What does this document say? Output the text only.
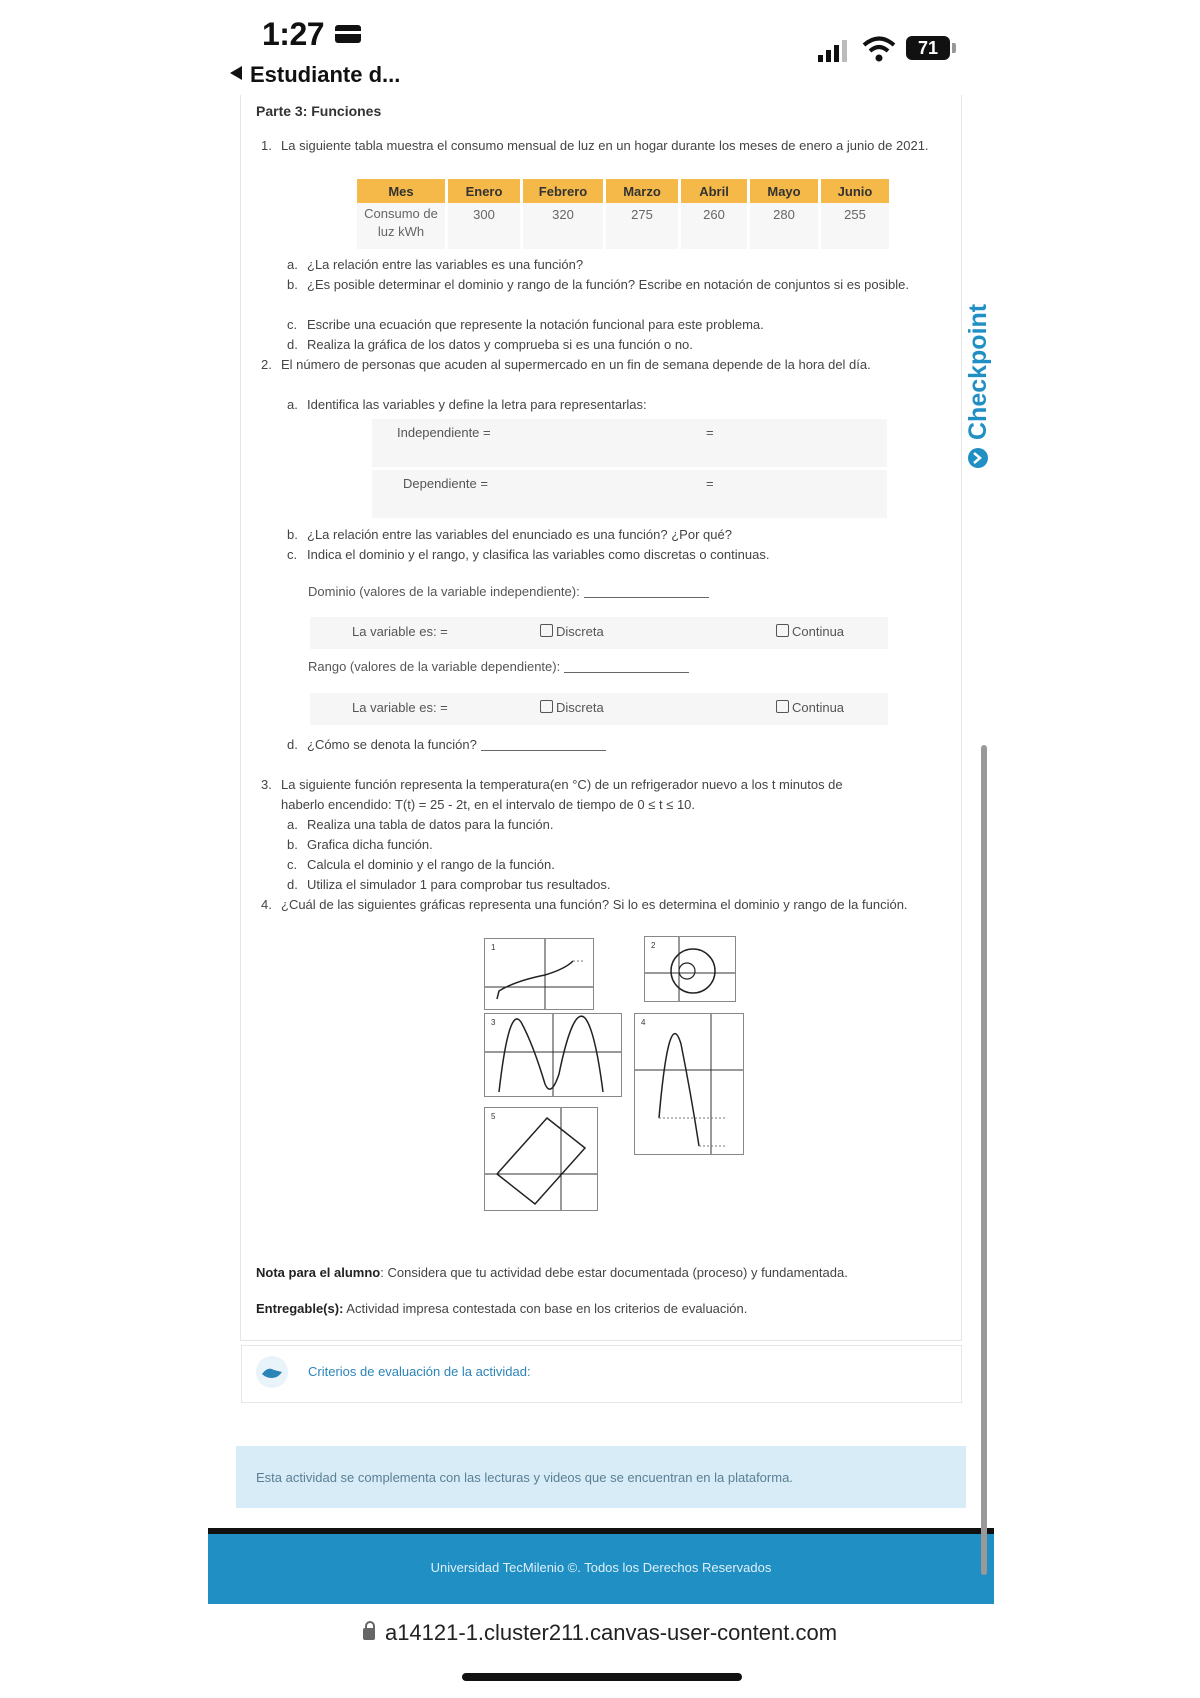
1:27	71
Estudiante d...
Checkpoint
Parte 3: Funciones
1. La siguiente tabla muestra el consumo mensual de luz en un hogar durante los meses de enero a junio de 2021.
Mes	Enero	Febrero	Marzo	Abril	Mayo	Junio
Consumo de luz kWh	300	320	275	260	280	255
a. ¿La relación entre las variables es una función?
b. ¿Es posible determinar el dominio y rango de la función? Escribe en notación de conjuntos si es posible.
c. Escribe una ecuación que represente la notación funcional para este problema.
d. Realiza la gráfica de los datos y comprueba si es una función o no.
2. El número de personas que acuden al supermercado en un fin de semana depende de la hora del día.
a. Identifica las variables y define la letra para representarlas:
Independiente =	=
Dependiente =	=
b. ¿La relación entre las variables del enunciado es una función? ¿Por qué?
c. Indica el dominio y el rango, y clasifica las variables como discretas o continuas.
Dominio (valores de la variable independiente):
La variable es: =	Discreta	Continua
Rango (valores de la variable dependiente):
La variable es: =	Discreta	Continua
d. ¿Cómo se denota la función?
3. La siguiente función representa la temperatura(en °C) de un refrigerador nuevo a los t minutos de
haberlo encendido: T(t) = 25 - 2t, en el intervalo de tiempo de 0 ≤ t ≤ 10.
a. Realiza una tabla de datos para la función.
b. Grafica dicha función.
c. Calcula el dominio y el rango de la función.
d. Utiliza el simulador 1 para comprobar tus resultados.
4. ¿Cuál de las siguientes gráficas representa una función? Si lo es determina el dominio y rango de la función.
1	2
3	4
5
Nota para el alumno: Considera que tu actividad debe estar documentada (proceso) y fundamentada.
Entregable(s): Actividad impresa contestada con base en los criterios de evaluación.
Criterios de evaluación de la actividad:
Esta actividad se complementa con las lecturas y videos que se encuentran en la plataforma.
Universidad TecMilenio ©. Todos los Derechos Reservados
a14121-1.cluster211.canvas-user-content.com
